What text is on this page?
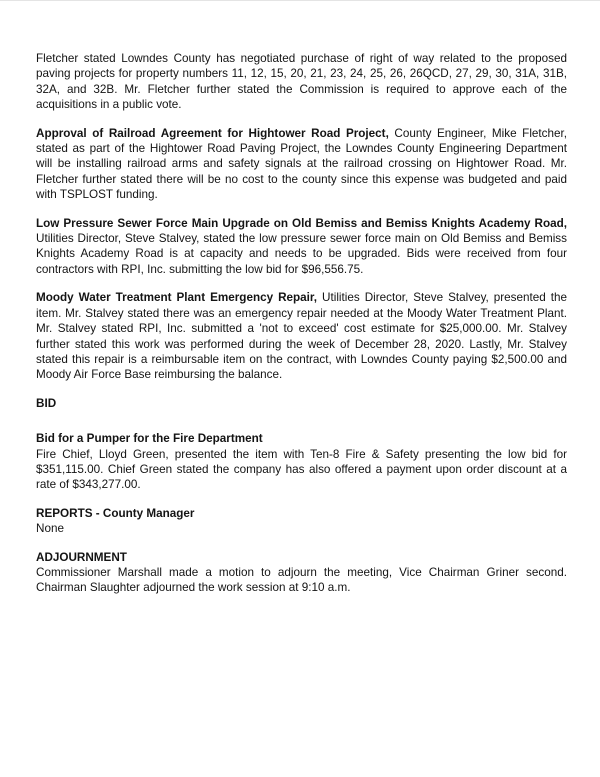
Fletcher stated Lowndes County has negotiated purchase of right of way related to the proposed paving projects for property numbers 11, 12, 15, 20, 21, 23, 24, 25, 26, 26QCD, 27, 29, 30, 31A, 31B, 32A, and 32B. Mr. Fletcher further stated the Commission is required to approve each of the acquisitions in a public vote.

Approval of Railroad Agreement for Hightower Road Project, County Engineer, Mike Fletcher, stated as part of the Hightower Road Paving Project, the Lowndes County Engineering Department will be installing railroad arms and safety signals at the railroad crossing on Hightower Road. Mr. Fletcher further stated there will be no cost to the county since this expense was budgeted and paid with TSPLOST funding.

Low Pressure Sewer Force Main Upgrade on Old Bemiss and Bemiss Knights Academy Road, Utilities Director, Steve Stalvey, stated the low pressure sewer force main on Old Bemiss and Bemiss Knights Academy Road is at capacity and needs to be upgraded. Bids were received from four contractors with RPI, Inc. submitting the low bid for $96,556.75.

Moody Water Treatment Plant Emergency Repair, Utilities Director, Steve Stalvey, presented the item. Mr. Stalvey stated there was an emergency repair needed at the Moody Water Treatment Plant. Mr. Stalvey stated RPI, Inc. submitted a 'not to exceed' cost estimate for $25,000.00. Mr. Stalvey further stated this work was performed during the week of December 28, 2020. Lastly, Mr. Stalvey stated this repair is a reimbursable item on the contract, with Lowndes County paying $2,500.00 and Moody Air Force Base reimbursing the balance.

BID

Bid for a Pumper for the Fire Department

Fire Chief, Lloyd Green, presented the item with Ten-8 Fire & Safety presenting the low bid for $351,115.00. Chief Green stated the company has also offered a payment upon order discount at a rate of $343,277.00.

REPORTS - County Manager

None

ADJOURNMENT

Commissioner Marshall made a motion to adjourn the meeting, Vice Chairman Griner second. Chairman Slaughter adjourned the work session at 9:10 a.m.
